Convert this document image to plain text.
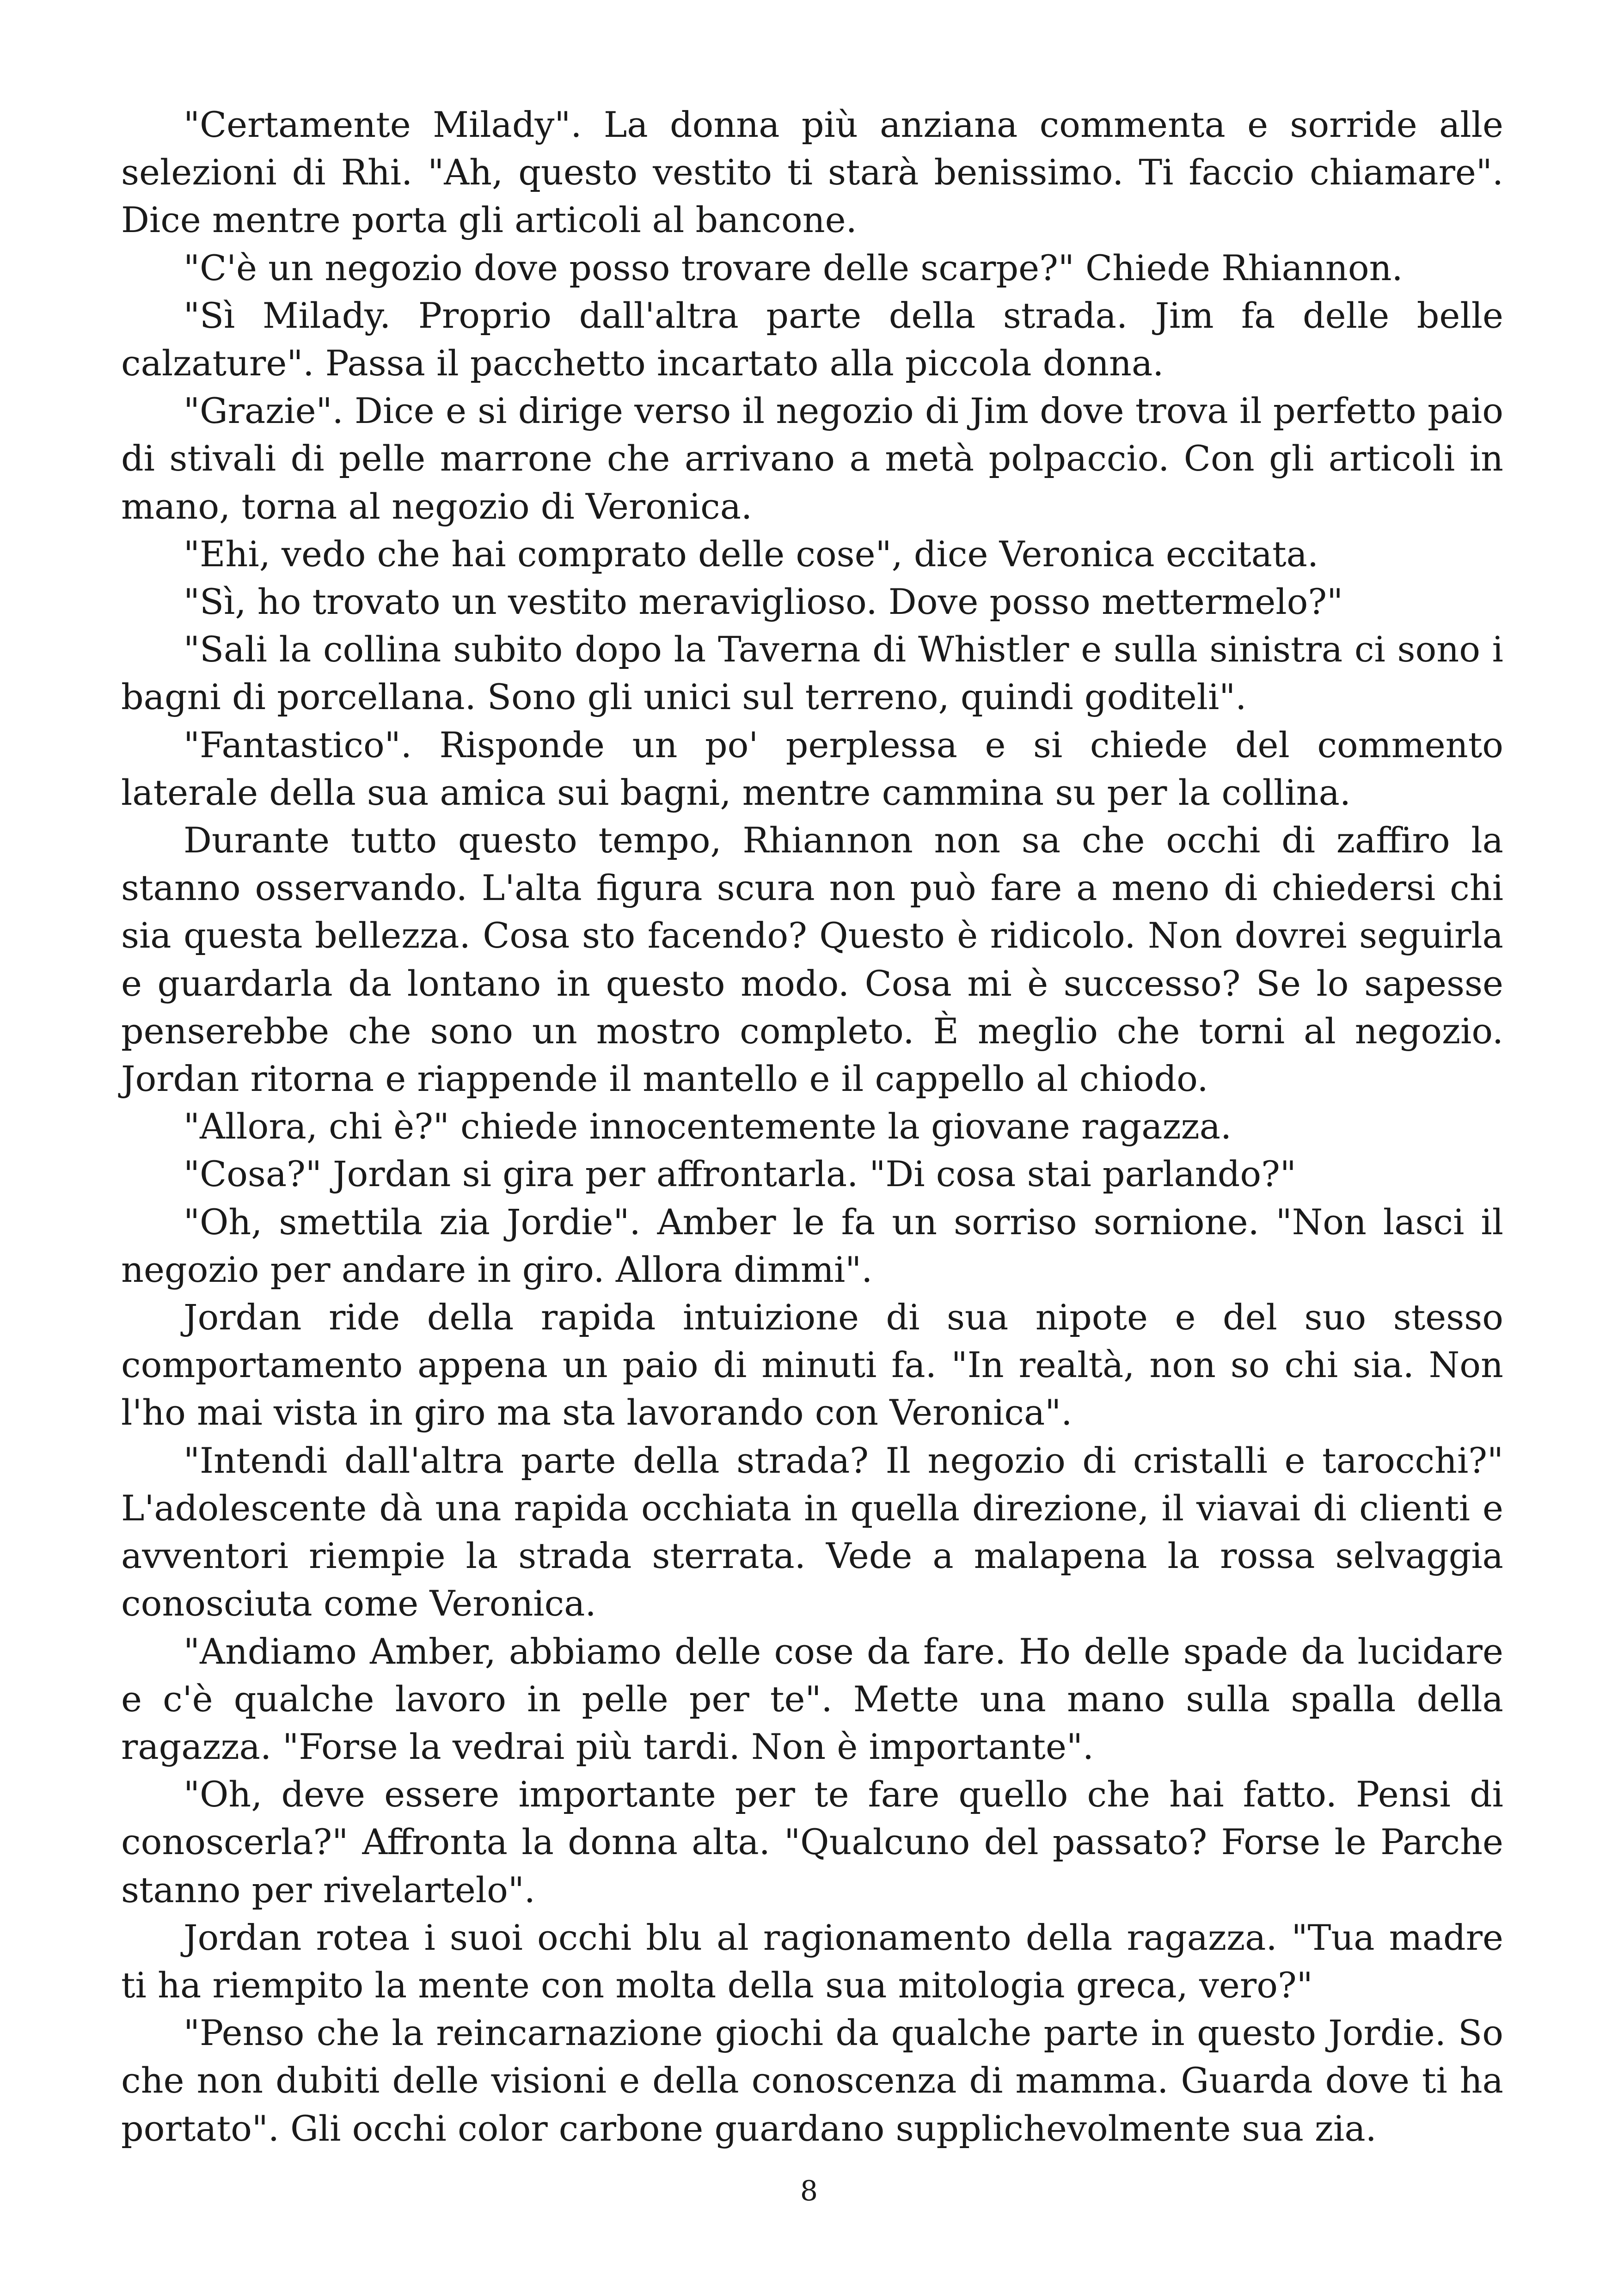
"Certamente Milady". La donna più anziana commenta e sorride alle selezioni di Rhi. "Ah, questo vestito ti starà benissimo. Ti faccio chiamare". Dice mentre porta gli articoli al bancone.

"C'è un negozio dove posso trovare delle scarpe?" Chiede Rhiannon.

"Sì Milady. Proprio dall'altra parte della strada. Jim fa delle belle calzature". Passa il pacchetto incartato alla piccola donna.

"Grazie". Dice e si dirige verso il negozio di Jim dove trova il perfetto paio di stivali di pelle marrone che arrivano a metà polpaccio. Con gli articoli in mano, torna al negozio di Veronica.

"Ehi, vedo che hai comprato delle cose", dice Veronica eccitata.

"Sì, ho trovato un vestito meraviglioso. Dove posso mettermelo?"

"Sali la collina subito dopo la Taverna di Whistler e sulla sinistra ci sono i bagni di porcellana. Sono gli unici sul terreno, quindi goditeli".

"Fantastico". Risponde un po' perplessa e si chiede del commento laterale della sua amica sui bagni, mentre cammina su per la collina.

Durante tutto questo tempo, Rhiannon non sa che occhi di zaffiro la stanno osservando. L'alta figura scura non può fare a meno di chiedersi chi sia questa bellezza. Cosa sto facendo? Questo è ridicolo. Non dovrei seguirla e guardarla da lontano in questo modo. Cosa mi è successo? Se lo sapesse penserebbe che sono un mostro completo. È meglio che torni al negozio. Jordan ritorna e riappende il mantello e il cappello al chiodo.

"Allora, chi è?" chiede innocentemente la giovane ragazza.

"Cosa?" Jordan si gira per affrontarla. "Di cosa stai parlando?"

"Oh, smettila zia Jordie". Amber le fa un sorriso sornione. "Non lasci il negozio per andare in giro. Allora dimmi".

Jordan ride della rapida intuizione di sua nipote e del suo stesso comportamento appena un paio di minuti fa. "In realtà, non so chi sia. Non l'ho mai vista in giro ma sta lavorando con Veronica".

"Intendi dall'altra parte della strada? Il negozio di cristalli e tarocchi?" L'adolescente dà una rapida occhiata in quella direzione, il viavai di clienti e avventori riempie la strada sterrata. Vede a malapena la rossa selvaggia conosciuta come Veronica.

"Andiamo Amber, abbiamo delle cose da fare. Ho delle spade da lucidare e c'è qualche lavoro in pelle per te". Mette una mano sulla spalla della ragazza. "Forse la vedrai più tardi. Non è importante".

"Oh, deve essere importante per te fare quello che hai fatto. Pensi di conoscerla?" Affronta la donna alta. "Qualcuno del passato? Forse le Parche stanno per rivelartelo".

Jordan rotea i suoi occhi blu al ragionamento della ragazza. "Tua madre ti ha riempito la mente con molta della sua mitologia greca, vero?"

"Penso che la reincarnazione giochi da qualche parte in questo Jordie. So che non dubiti delle visioni e della conoscenza di mamma. Guarda dove ti ha portato". Gli occhi color carbone guardano supplichevolmente sua zia.

8
